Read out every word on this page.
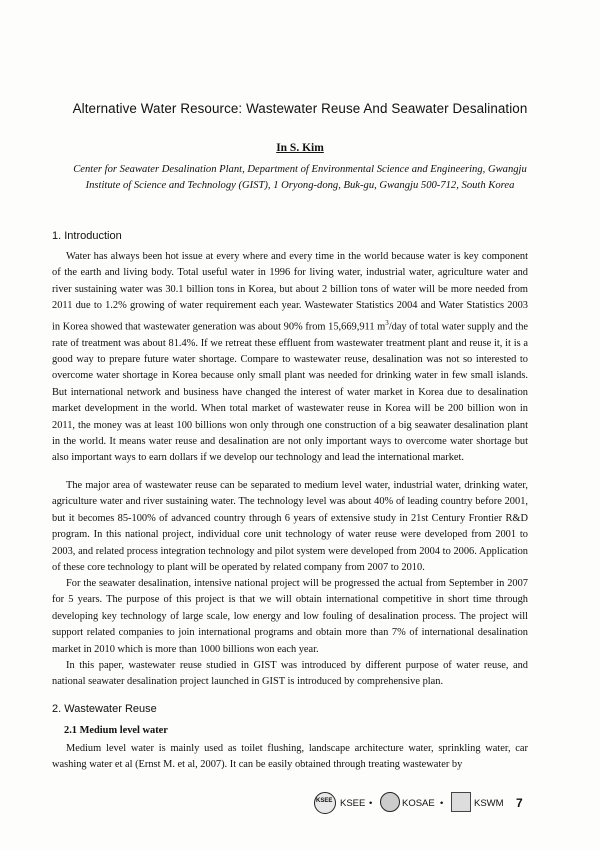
Alternative Water Resource: Wastewater Reuse And Seawater Desalination
In S. Kim
Center for Seawater Desalination Plant, Department of Environmental Science and Engineering, Gwangju
Institute of Science and Technology (GIST), 1 Oryong-dong, Buk-gu, Gwangju 500-712, South Korea
1. Introduction

Water has always been hot issue at every where and every time in the world because water is key component of the earth and living body. Total useful water in 1996 for living water, industrial water, agriculture water and river sustaining water was 30.1 billion tons in Korea, but about 2 billion tons of water will be more needed from 2011 due to 1.2% growing of water requirement each year. Wastewater Statistics 2004 and Water Statistics 2003 in Korea showed that wastewater generation was about 90% from 15,669,911 $m^3$/day of total water supply and the rate of treatment was about 81.4%. If we retreat these effluent from wastewater treatment plant and reuse it, it is a good way to prepare future water shortage. Compare to wastewater reuse, desalination was not so interested to overcome water shortage in Korea because only small plant was needed for drinking water in few small islands. But international network and business have changed the interest of water market in Korea due to desalination market development in the world. When total market of wastewater reuse in Korea will be 200 billion won in 2011, the money was at least 100 billions won only through one construction of a big seawater desalination plant in the world. It means water reuse and desalination are not only important ways to overcome water shortage but also important ways to earn dollars if we develop our technology and lead the international market.

The major area of wastewater reuse can be separated to medium level water, industrial water, drinking water, agriculture water and river sustaining water. The technology level was about 40% of leading country before 2001, but it becomes 85-100% of advanced country through 6 years of extensive study in 21st Century Frontier R&D program. In this national project, individual core unit technology of water reuse were developed from 2001 to 2003, and related process integration technology and pilot system were developed from 2004 to 2006. Application of these core technology to plant will be operated by related company from 2007 to 2010.

For the seawater desalination, intensive national project will be progressed the actual from September in 2007 for 5 years. The purpose of this project is that we will obtain international competitive in short time through developing key technology of large scale, low energy and low fouling of desalination process. The project will support related companies to join international programs and obtain more than 7% of international desalination market in 2010 which is more than 1000 billions won each year.

In this paper, wastewater reuse studied in GIST was introduced by different purpose of water reuse, and national seawater desalination project launched in GIST is introduced by comprehensive plan.

2. Wastewater Reuse
2.1 Medium level water

Medium level water is mainly used as toilet flushing, landscape architecture water, sprinkling water, car washing water et al (Ernst M. et al, 2007). It can be easily obtained through treating wastewater by

KSEE KSEE •	KOSAE •	KSWM 7
